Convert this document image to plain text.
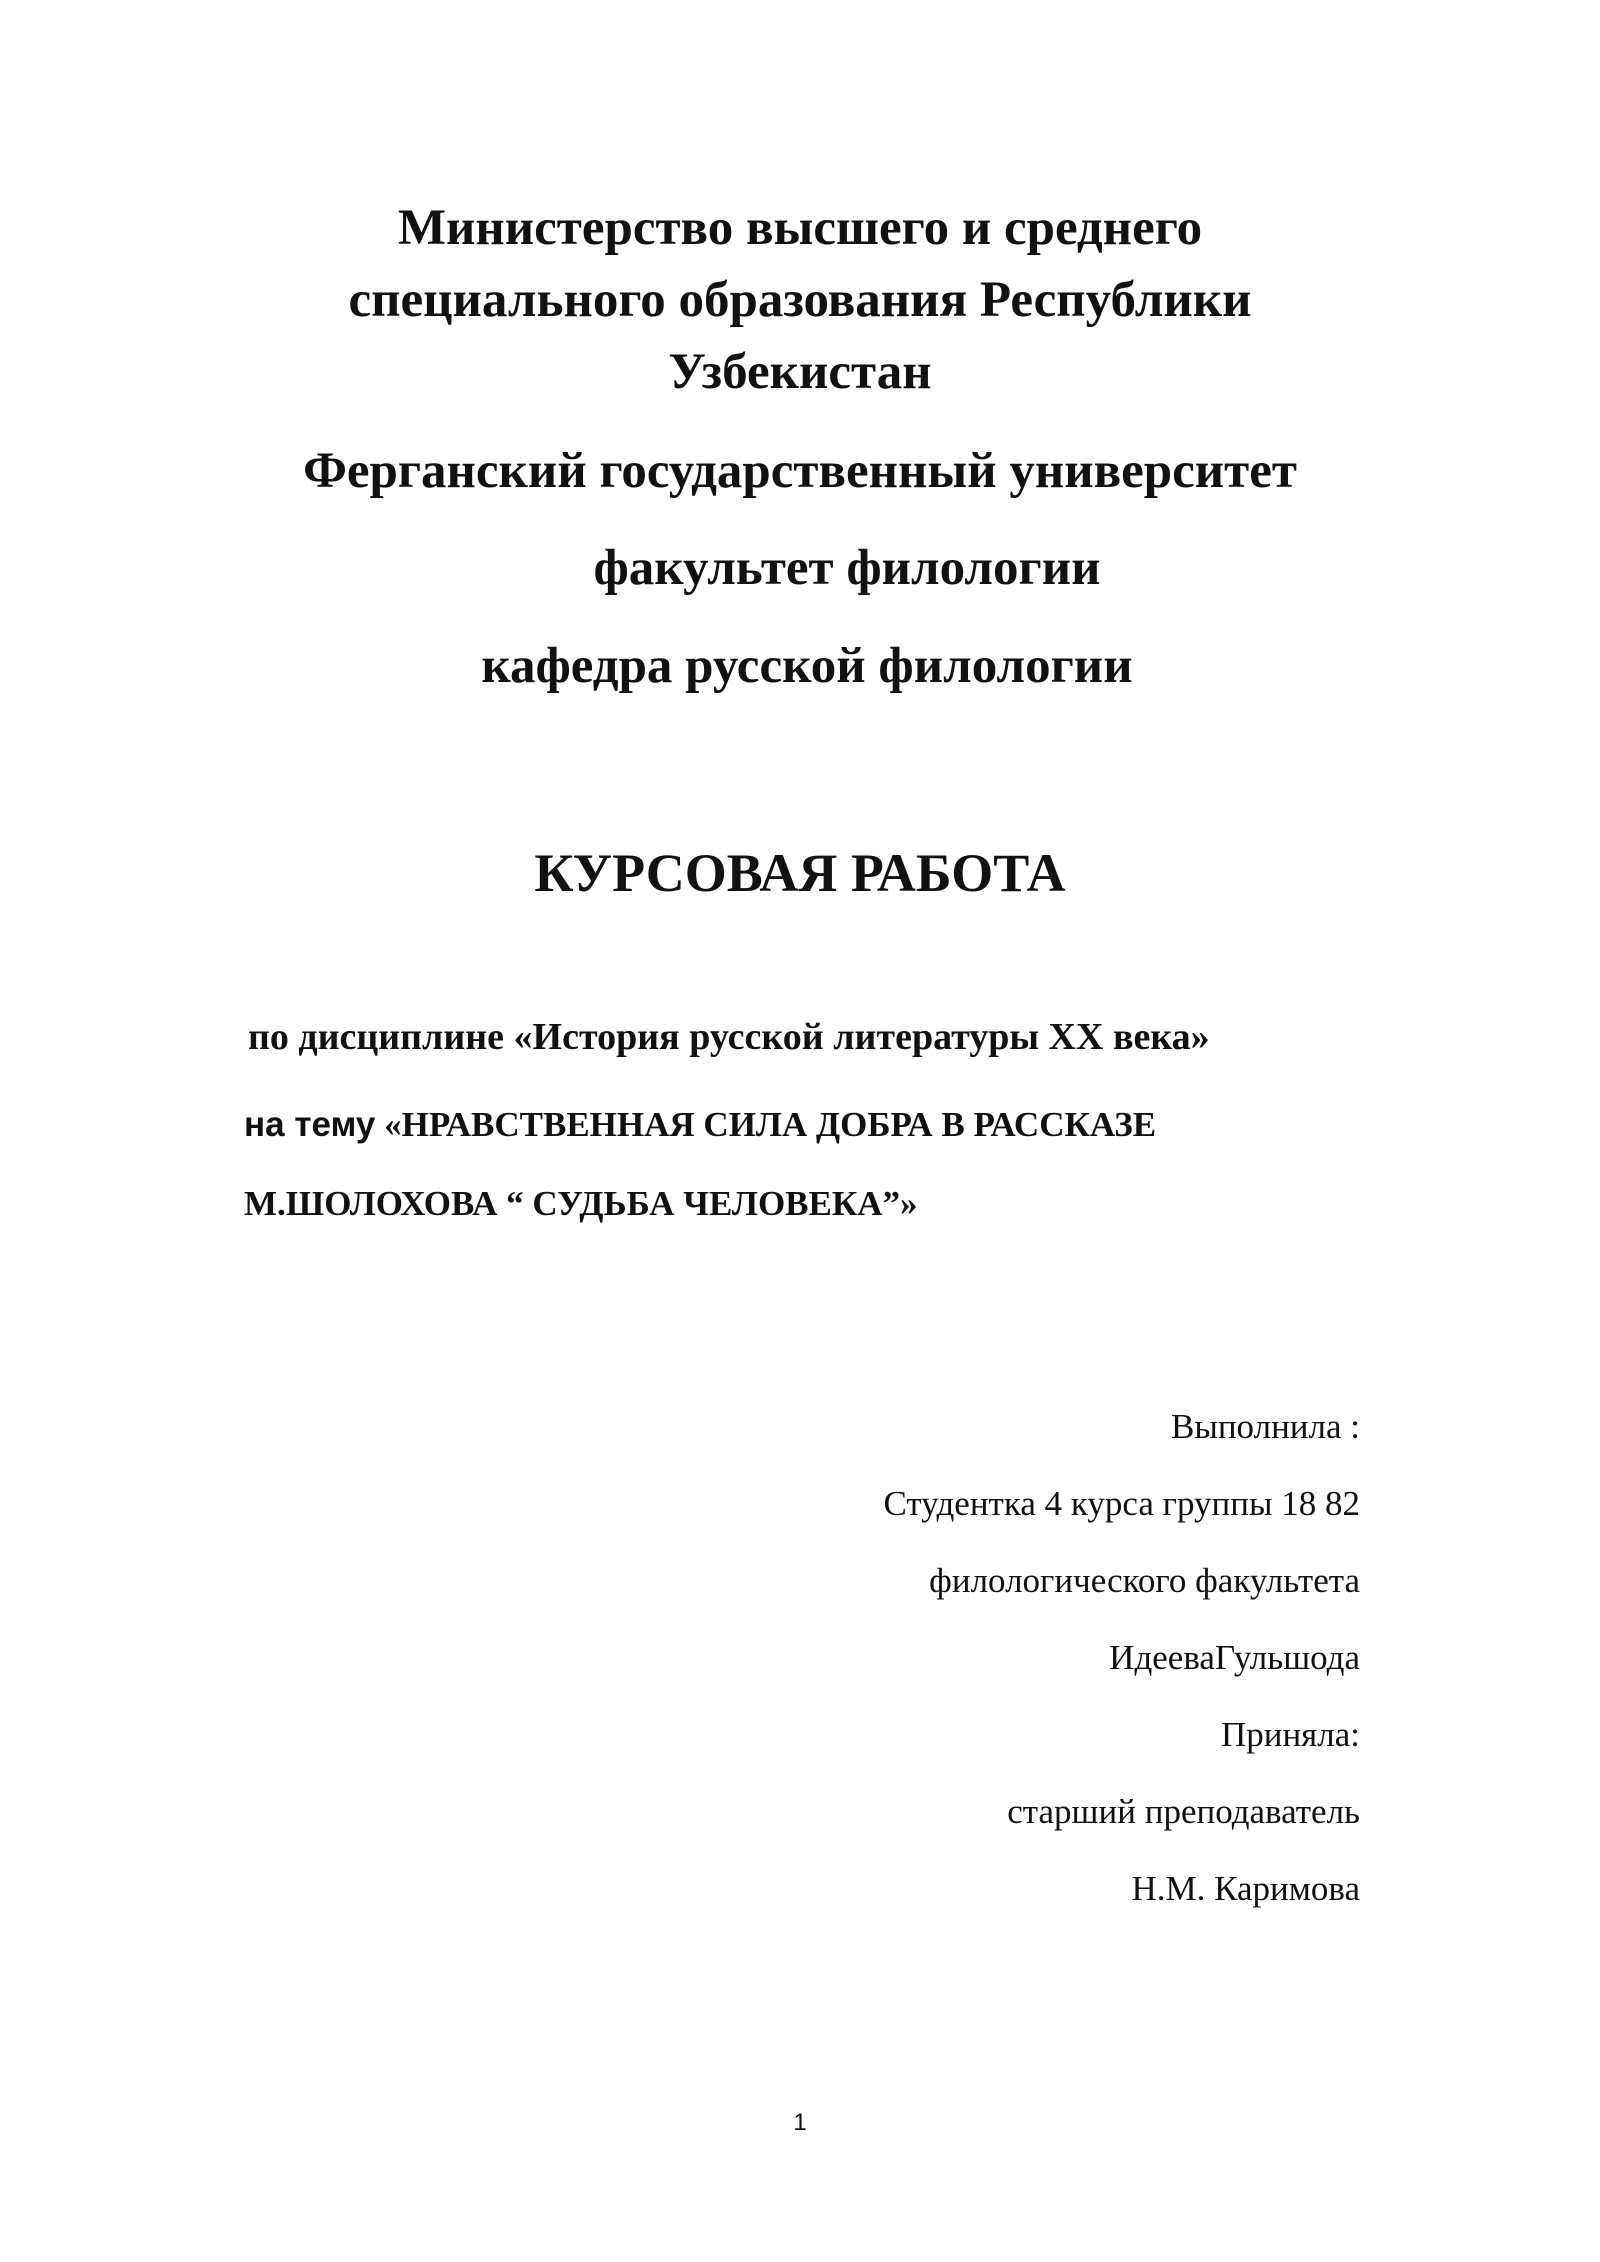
Министерство высшего и среднего
специального образования Республики
Узбекистан
Ферганский государственный университет
факультет филологии
кафедра русской филологии
КУРСОВАЯ РАБОТА
по дисциплине «История русской литературы XX века»
на тему «НРАВСТВЕННАЯ СИЛА ДОБРА В РАССКАЗЕ
М.ШОЛОХОВА “ СУДЬБА ЧЕЛОВЕКА”»
Выполнила :
Студентка 4 курса группы 18 82
филологического факультета
ИдееваГульшода
Приняла:
старший преподаватель
Н.М. Каримова
1
